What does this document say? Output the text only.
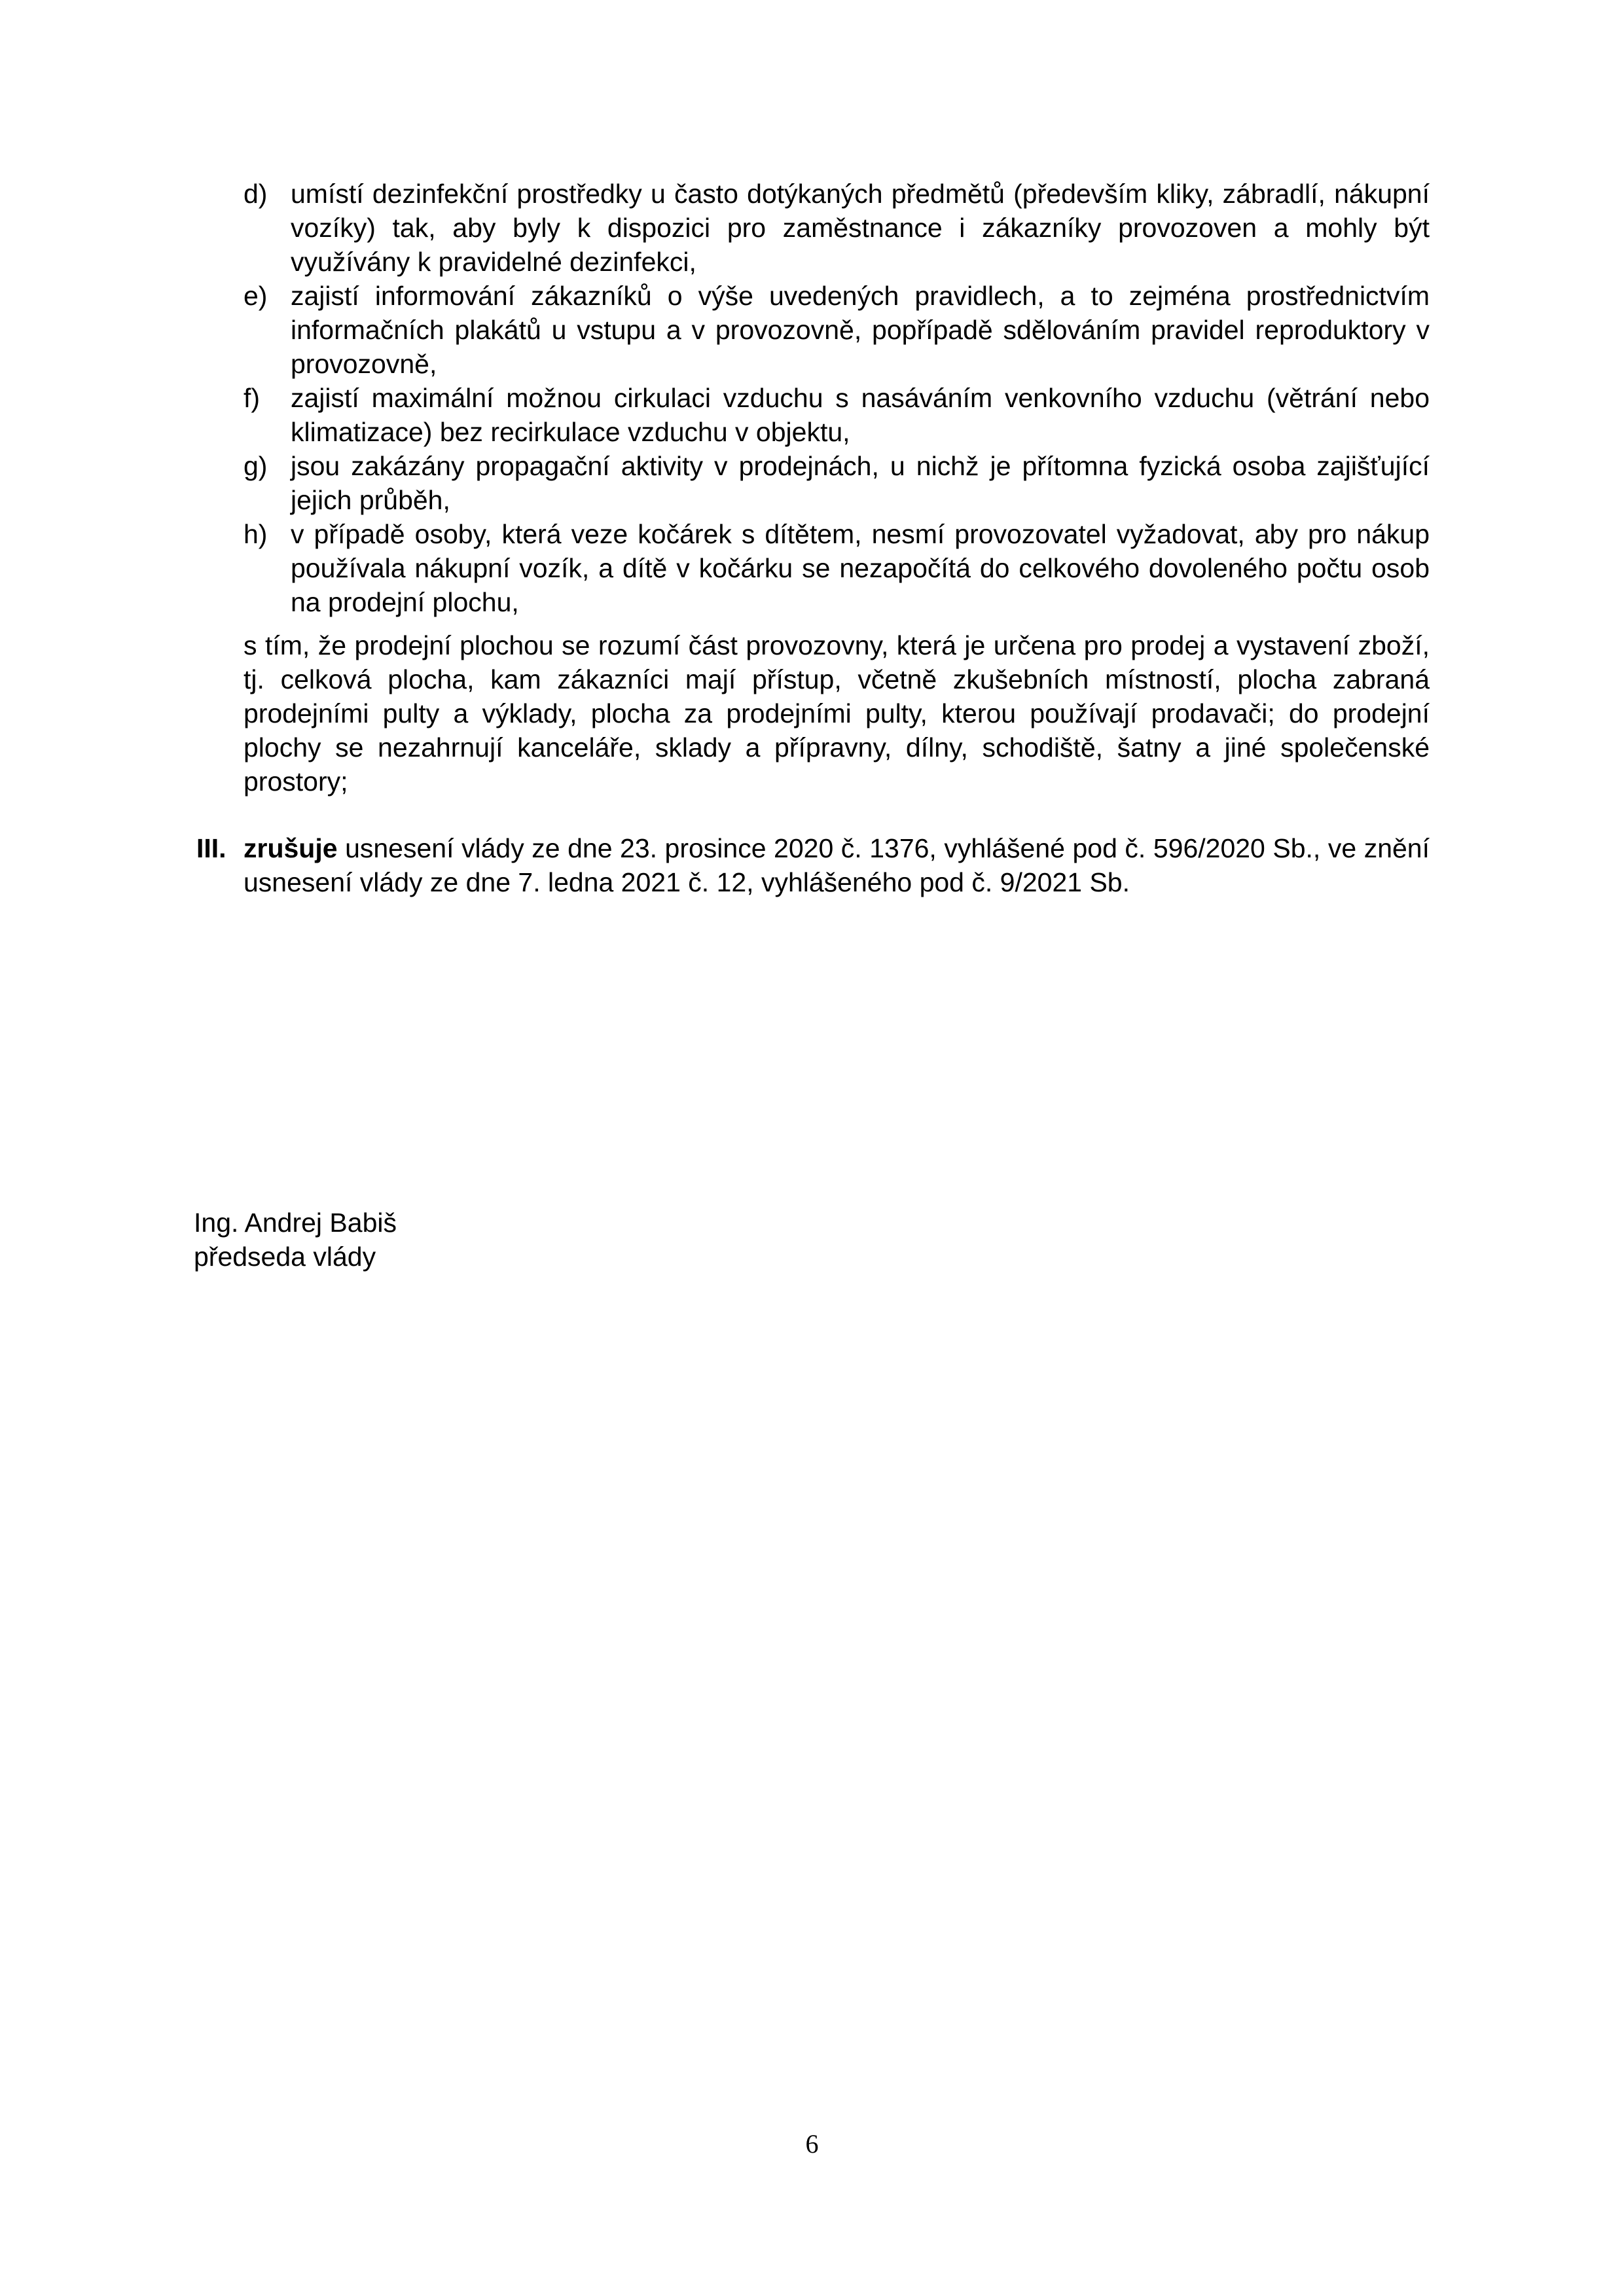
d) umístí dezinfekční prostředky u často dotýkaných předmětů (především kliky, zábradlí, nákupní vozíky) tak, aby byly k dispozici pro zaměstnance i zákazníky provozoven a mohly být využívány k pravidelné dezinfekci,
e) zajistí informování zákazníků o výše uvedených pravidlech, a to zejména prostřednictvím informačních plakátů u vstupu a v provozovně, popřípadě sdělováním pravidel reproduktory v provozovně,
f) zajistí maximální možnou cirkulaci vzduchu s nasáváním venkovního vzduchu (větrání nebo klimatizace) bez recirkulace vzduchu v objektu,
g) jsou zakázány propagační aktivity v prodejnách, u nichž je přítomna fyzická osoba zajišťující jejich průběh,
h) v případě osoby, která veze kočárek s dítětem, nesmí provozovatel vyžadovat, aby pro nákup používala nákupní vozík, a dítě v kočárku se nezapočítá do celkového dovoleného počtu osob na prodejní plochu,

s tím, že prodejní plochou se rozumí část provozovny, která je určena pro prodej a vystavení zboží, tj. celková plocha, kam zákazníci mají přístup, včetně zkušebních místností, plocha zabraná prodejními pulty a výklady, plocha za prodejními pulty, kterou používají prodavači; do prodejní plochy se nezahrnují kanceláře, sklady a přípravny, dílny, schodiště, šatny a jiné společenské prostory;

III. zrušuje usnesení vlády ze dne 23. prosince 2020 č. 1376, vyhlášené pod č. 596/2020 Sb., ve znění usnesení vlády ze dne 7. ledna 2021 č. 12, vyhlášeného pod č. 9/2021 Sb.

Ing. Andrej Babiš
předseda vlády
6
